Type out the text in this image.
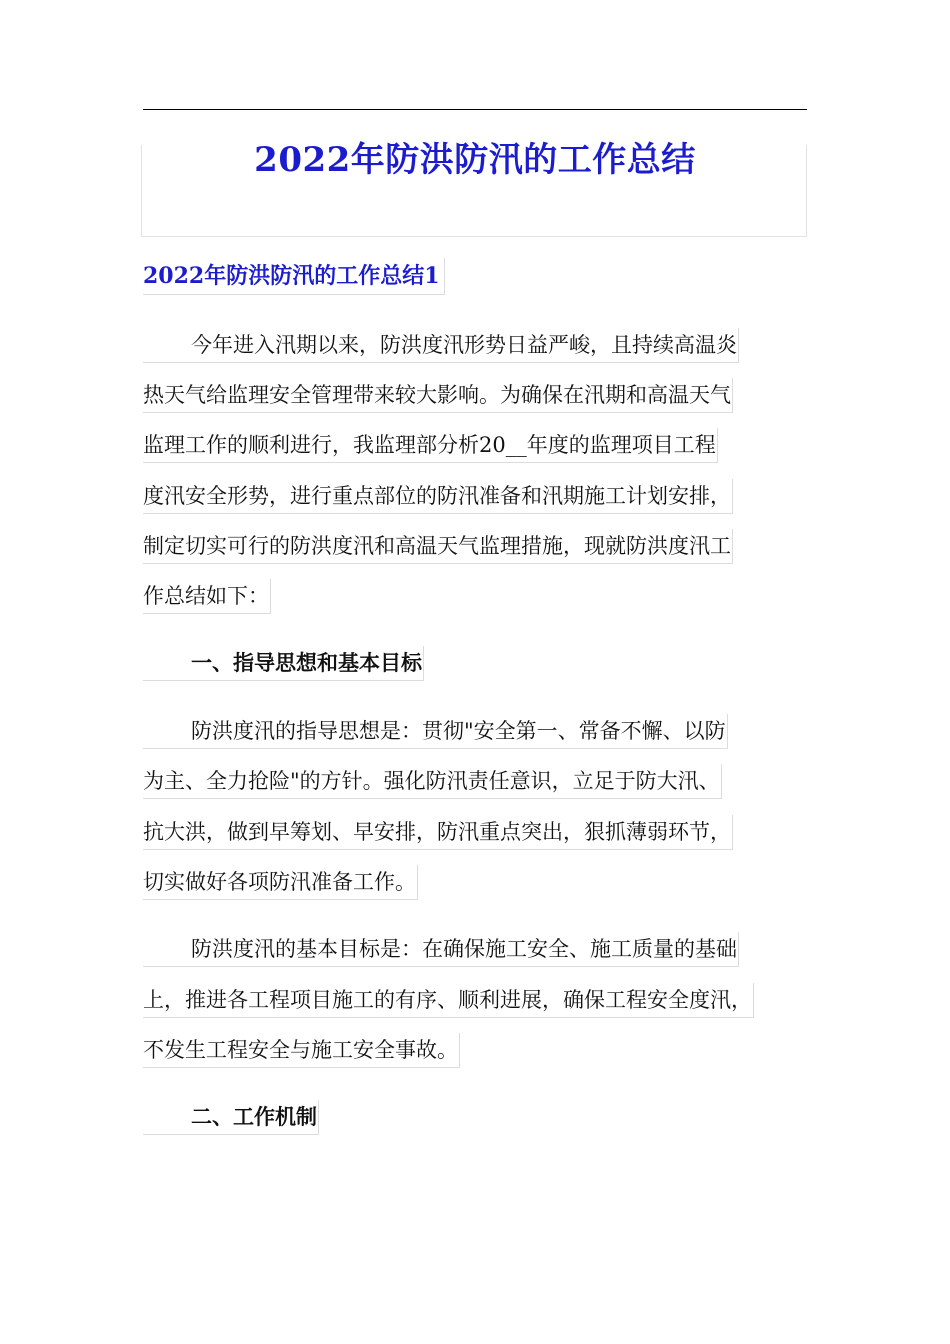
2022年防洪防汛的工作总结
2022年防洪防汛的工作总结1
今年进入汛期以来，防洪度汛形势日益严峻，且持续高温炎
热天气给监理安全管理带来较大影响。为确保在汛期和高温天气
监理工作的顺利进行，我监理部分析20__年度的监理项目工程
度汛安全形势，进行重点部位的防汛准备和汛期施工计划安排，
制定切实可行的防洪度汛和高温天气监理措施，现就防洪度汛工
作总结如下：
一、指导思想和基本目标
防洪度汛的指导思想是：贯彻"安全第一、常备不懈、以防
为主、全力抢险"的方针。强化防汛责任意识，立足于防大汛、
抗大洪，做到早筹划、早安排，防汛重点突出，狠抓薄弱环节，
切实做好各项防汛准备工作。
防洪度汛的基本目标是：在确保施工安全、施工质量的基础
上，推进各工程项目施工的有序、顺利进展，确保工程安全度汛，
不发生工程安全与施工安全事故。
二、工作机制
